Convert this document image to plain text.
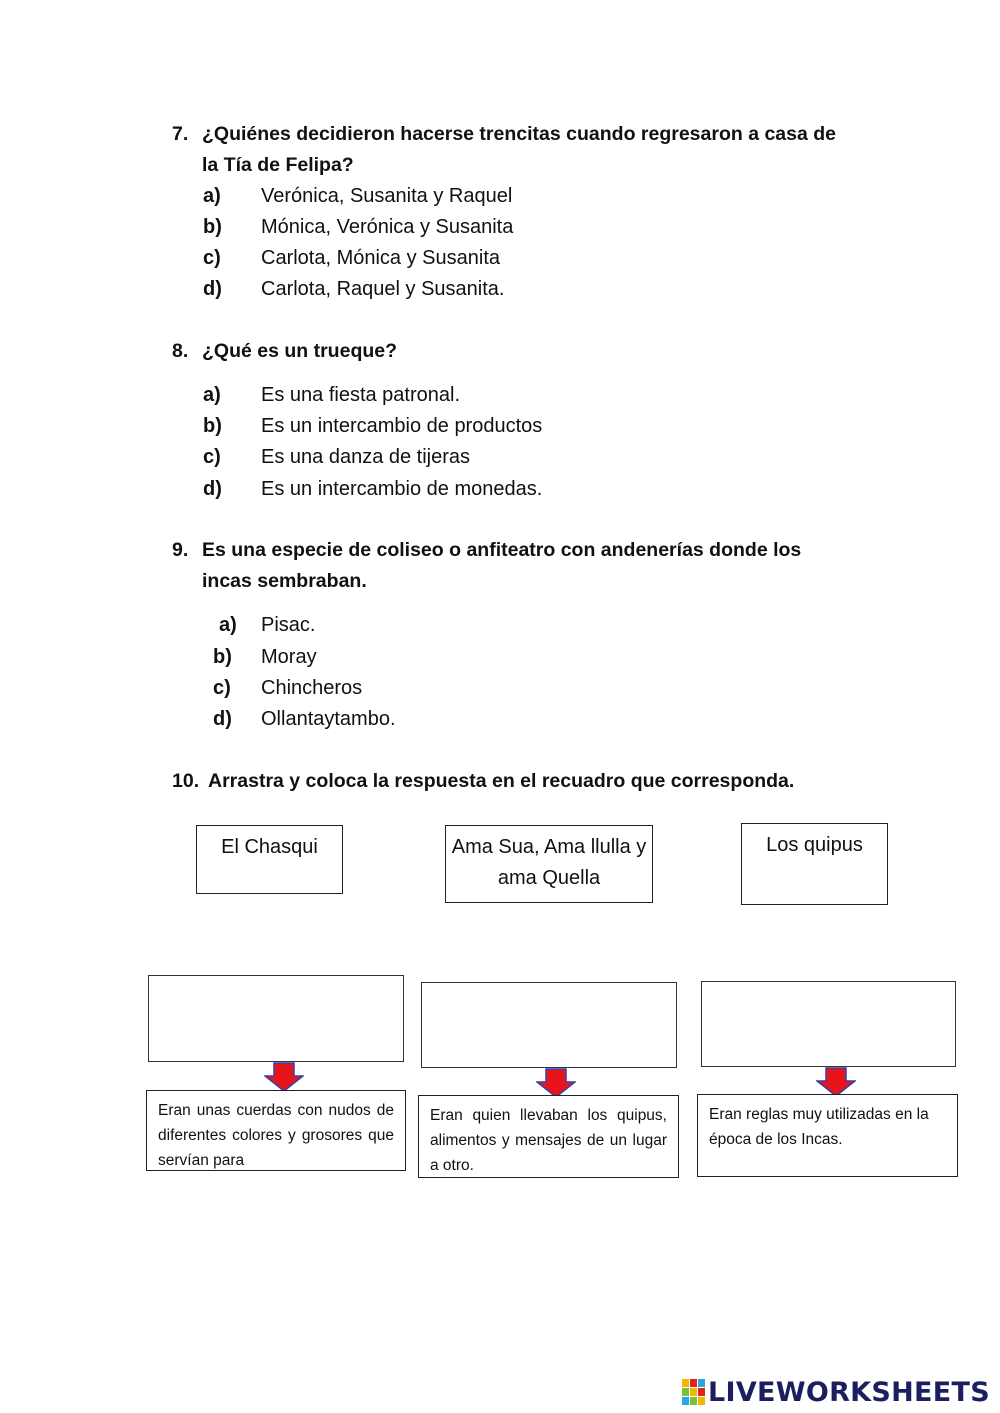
7. ¿Quiénes decidieron hacerse trencitas cuando regresaron a casa de la Tía de Felipa?
a) Verónica, Susanita y Raquel
b) Mónica, Verónica y Susanita
c) Carlota, Mónica y Susanita
d) Carlota, Raquel y Susanita.
8. ¿Qué es un trueque?
a) Es una fiesta patronal.
b) Es un intercambio de productos
c) Es una danza de tijeras
d) Es un intercambio de monedas.
9. Es una especie de coliseo o anfiteatro con andenerías donde los incas sembraban.
a) Pisac.
b) Moray
c) Chincheros
d) Ollantaytambo.
10. Arrastra y coloca la respuesta en el recuadro que corresponda.
El Chasqui	Ama Sua, Ama llulla y ama Quella
Los quipus
Eran unas cuerdas con nudos de diferentes colores y grosores que servían para
Eran quien llevaban los quipus, alimentos y mensajes de un lugar a otro.
Eran reglas muy utilizadas en la época de los Incas.
LIVEWORKSHEETS
